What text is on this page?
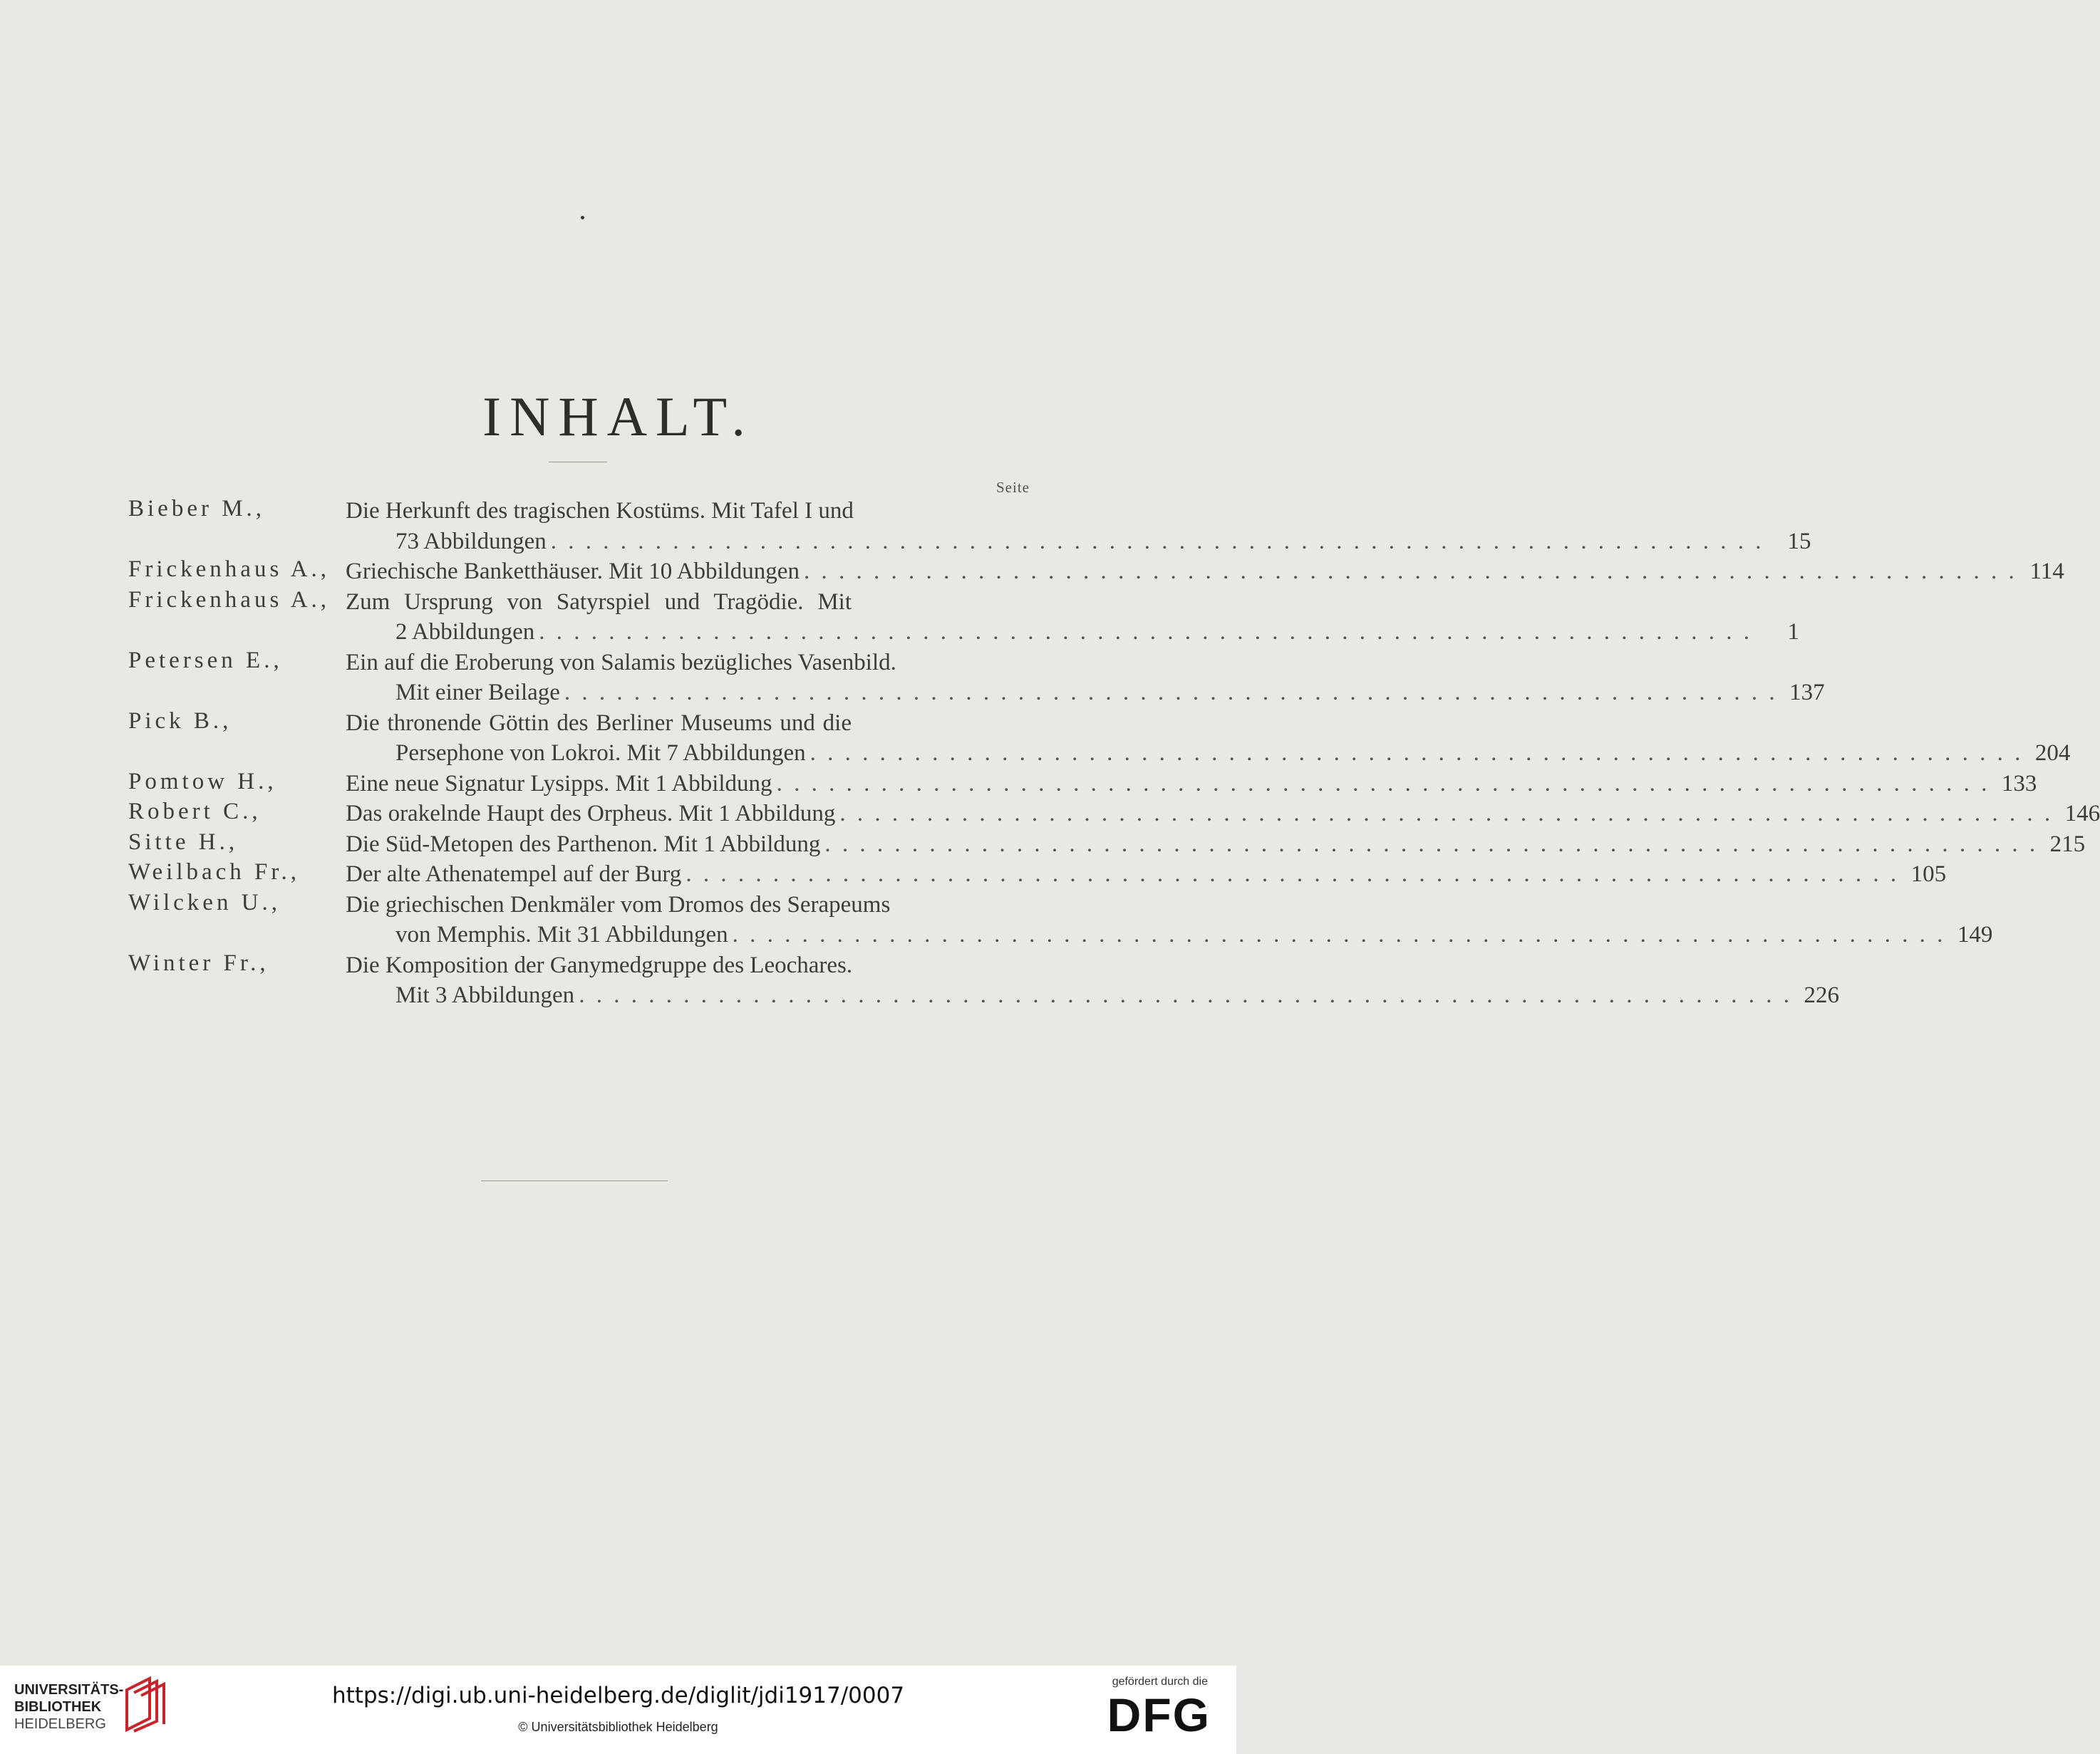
INHALT.
Seite
Bieber M.,	Die Herkunft des tragischen Kostüms. Mit Tafel I und
73 Abbildungen . . . . . . . . . . . . . . . . . . . . . . . . . . . . . . . . . . . . . . . . . . . . . . . . . . . . . . . . . . . . . . . . . . . . . .	15
Frickenhaus A., Griechische Banketthäuser. Mit 10 Abbildungen . . . . . . . . . . . . . . . . . . . . . . . . . . . . . . . . . . . . . . . . . . . . . . . . . . . . . . . . . . . . . . . . . . . . . . 114
Frickenhaus A., Zum Ursprung von Satyrspiel und Tragödie. Mit
2 Abbildungen . . . . . . . . . . . . . . . . . . . . . . . . . . . . . . . . . . . . . . . . . . . . . . . . . . . . . . . . . . . . . . . . . . . . . .	1
Petersen E.,	Ein auf die Eroberung von Salamis bezügliches Vasenbild.
Mit einer Beilage . . . . . . . . . . . . . . . . . . . . . . . . . . . . . . . . . . . . . . . . . . . . . . . . . . . . . . . . . . . . . . . . . . . . . . 137
Pick B.,	Die thronende Göttin des Berliner Museums und die
Persephone von Lokroi. Mit 7 Abbildungen . . . . . . . . . . . . . . . . . . . . . . . . . . . . . . . . . . . . . . . . . . . . . . . . . . . . . . . . . . . . . . . . . . . . . . 204
Pomtow H.,	Eine neue Signatur Lysipps. Mit 1 Abbildung . . . . . . . . . . . . . . . . . . . . . . . . . . . . . . . . . . . . . . . . . . . . . . . . . . . . . . . . . . . . . . . . . . . . . . 133
Robert C.,	Das orakelnde Haupt des Orpheus. Mit 1 Abbildung . . . . . . . . . . . . . . . . . . . . . . . . . . . . . . . . . . . . . . . . . . . . . . . . . . . . . . . . . . . . . . . . . . . . . . 146
Sitte H.,	Die Süd-Metopen des Parthenon. Mit 1 Abbildung . . . . . . . . . . . . . . . . . . . . . . . . . . . . . . . . . . . . . . . . . . . . . . . . . . . . . . . . . . . . . . . . . . . . . . 215
Weilbach Fr., Der alte Athenatempel auf der Burg . . . . . . . . . . . . . . . . . . . . . . . . . . . . . . . . . . . . . . . . . . . . . . . . . . . . . . . . . . . . . . . . . . . . . . 105
Wilcken U.,	Die griechischen Denkmäler vom Dromos des Serapeums
von Memphis. Mit 31 Abbildungen . . . . . . . . . . . . . . . . . . . . . . . . . . . . . . . . . . . . . . . . . . . . . . . . . . . . . . . . . . . . . . . . . . . . . . 149
Winter Fr.,	Die Komposition der Ganymedgruppe des Leochares.
Mit 3 Abbildungen . . . . . . . . . . . . . . . . . . . . . . . . . . . . . . . . . . . . . . . . . . . . . . . . . . . . . . . . . . . . . . . . . . . . . . 226
UNIVERSITÄTS-
BIBLIOTHEK
HEIDELBERG
https://digi.ub.uni-heidelberg.de/diglit/jdi1917/0007
© Universitätsbibliothek Heidelberg
gefördert durch die
DFG
